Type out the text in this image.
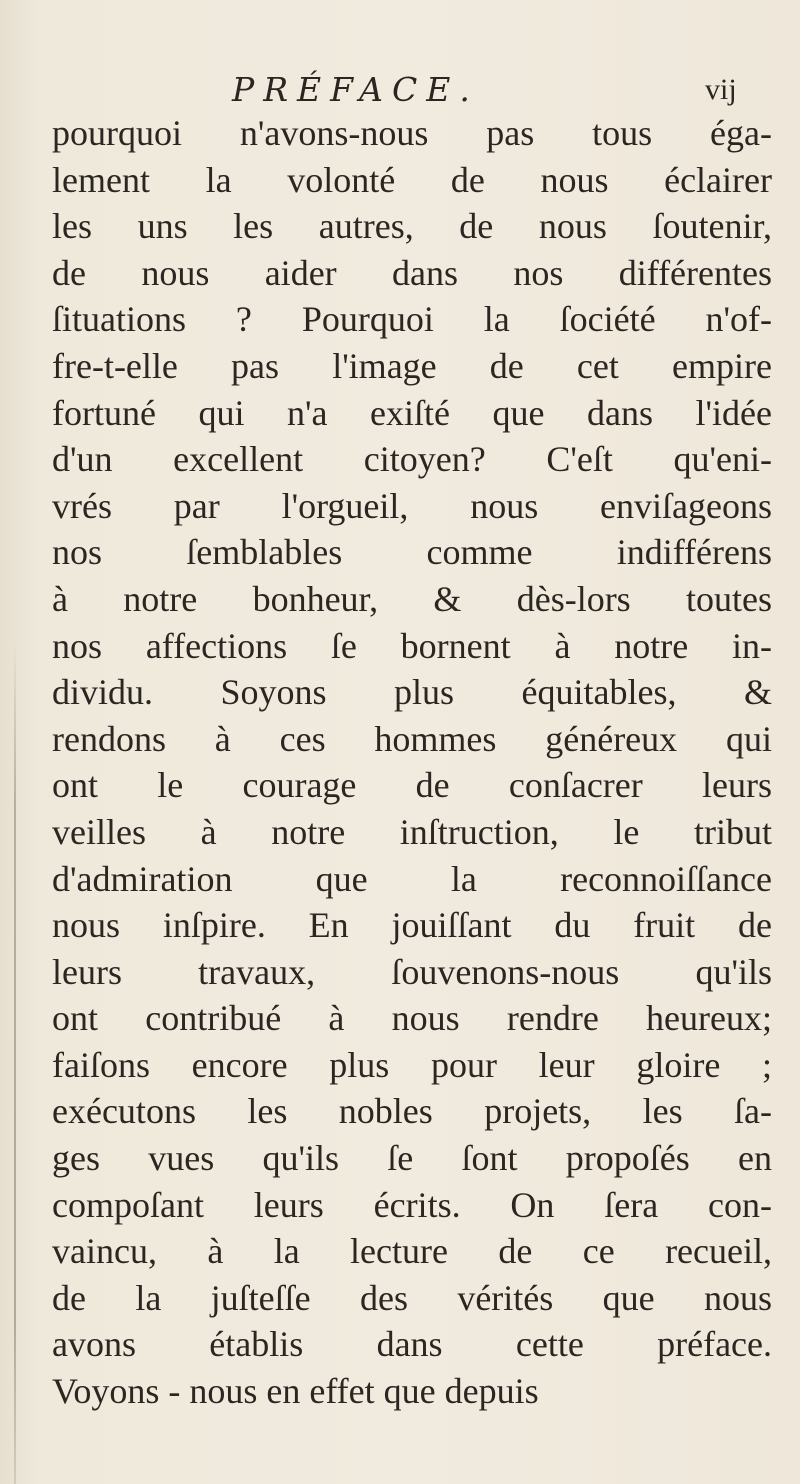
PRÉFACE.	vij
pourquoi n'avons-nous pas tous éga-
lement la volonté de nous éclairer
les uns les autres, de nous ſoutenir,
de nous aider dans nos différentes
ſituations ? Pourquoi la ſociété n'of-
fre-t-elle pas l'image de cet empire
fortuné qui n'a exiſté que dans l'idée
d'un excellent citoyen? C'eſt qu'eni-
vrés par l'orgueil, nous enviſageons
nos ſemblables comme indifférens
à notre bonheur, & dès-lors toutes
nos affections ſe bornent à notre in-
dividu. Soyons plus équitables, &
rendons à ces hommes généreux qui
ont le courage de conſacrer leurs
veilles à notre inſtruction, le tribut
d'admiration que la reconnoiſſance
nous inſpire. En jouiſſant du fruit de
leurs travaux, ſouvenons-nous qu'ils
ont contribué à nous rendre heureux;
faiſons encore plus pour leur gloire ;
exécutons les nobles projets, les ſa-
ges vues qu'ils ſe ſont propoſés en
compoſant leurs écrits. On ſera con-
vaincu, à la lecture de ce recueil,
de la juſteſſe des vérités que nous
avons établis dans cette préface.
Voyons - nous en effet que depuis
